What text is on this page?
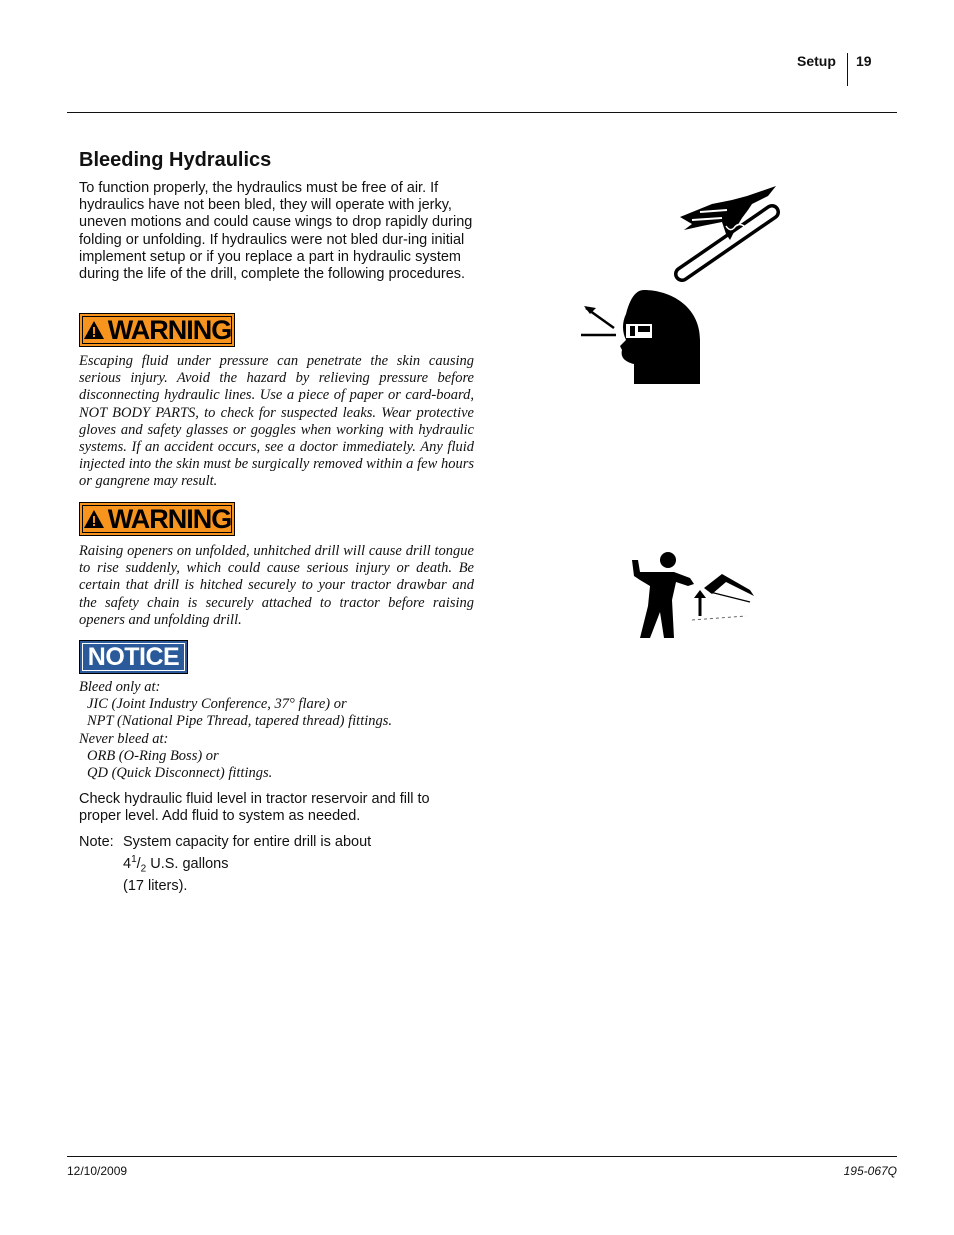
Setup 19
Bleeding Hydraulics
To function properly, the hydraulics must be free of air. If hydraulics have not been bled, they will operate with jerky, uneven motions and could cause wings to drop rapidly during folding or unfolding. If hydraulics were not bled dur-ing initial implement setup or if you replace a part in hydraulic system during the life of the drill, complete the following procedures.
WARNING

Escaping fluid under pressure can penetrate the skin causing serious injury. Avoid the hazard by relieving pressure before disconnecting hydraulic lines. Use a piece of paper or card-board, NOT BODY PARTS, to check for suspected leaks. Wear protective gloves and safety glasses or goggles when working with hydraulic systems. If an accident occurs, see a doctor immediately. Any fluid injected into the skin must be surgically removed within a few hours or gangrene may result.

WARNING

Raising openers on unfolded, unhitched drill will cause drill tongue to rise suddenly, which could cause serious injury or death. Be certain that drill is hitched securely to your tractor drawbar and the safety chain is securely attached to tractor before raising openers and unfolding drill.

NOTICE
Bleed only at:
JIC (Joint Industry Conference, 37° flare) or
NPT (National Pipe Thread, tapered thread) fittings.
Never bleed at:
ORB (O-Ring Boss) or
QD (Quick Disconnect) fittings.
Check hydraulic fluid level in tractor reservoir and fill to proper level. Add fluid to system as needed.
Note: System capacity for entire drill is about
$4^1/_2$ U.S. gallons
(17 liters).
12/10/2009	195-067Q
